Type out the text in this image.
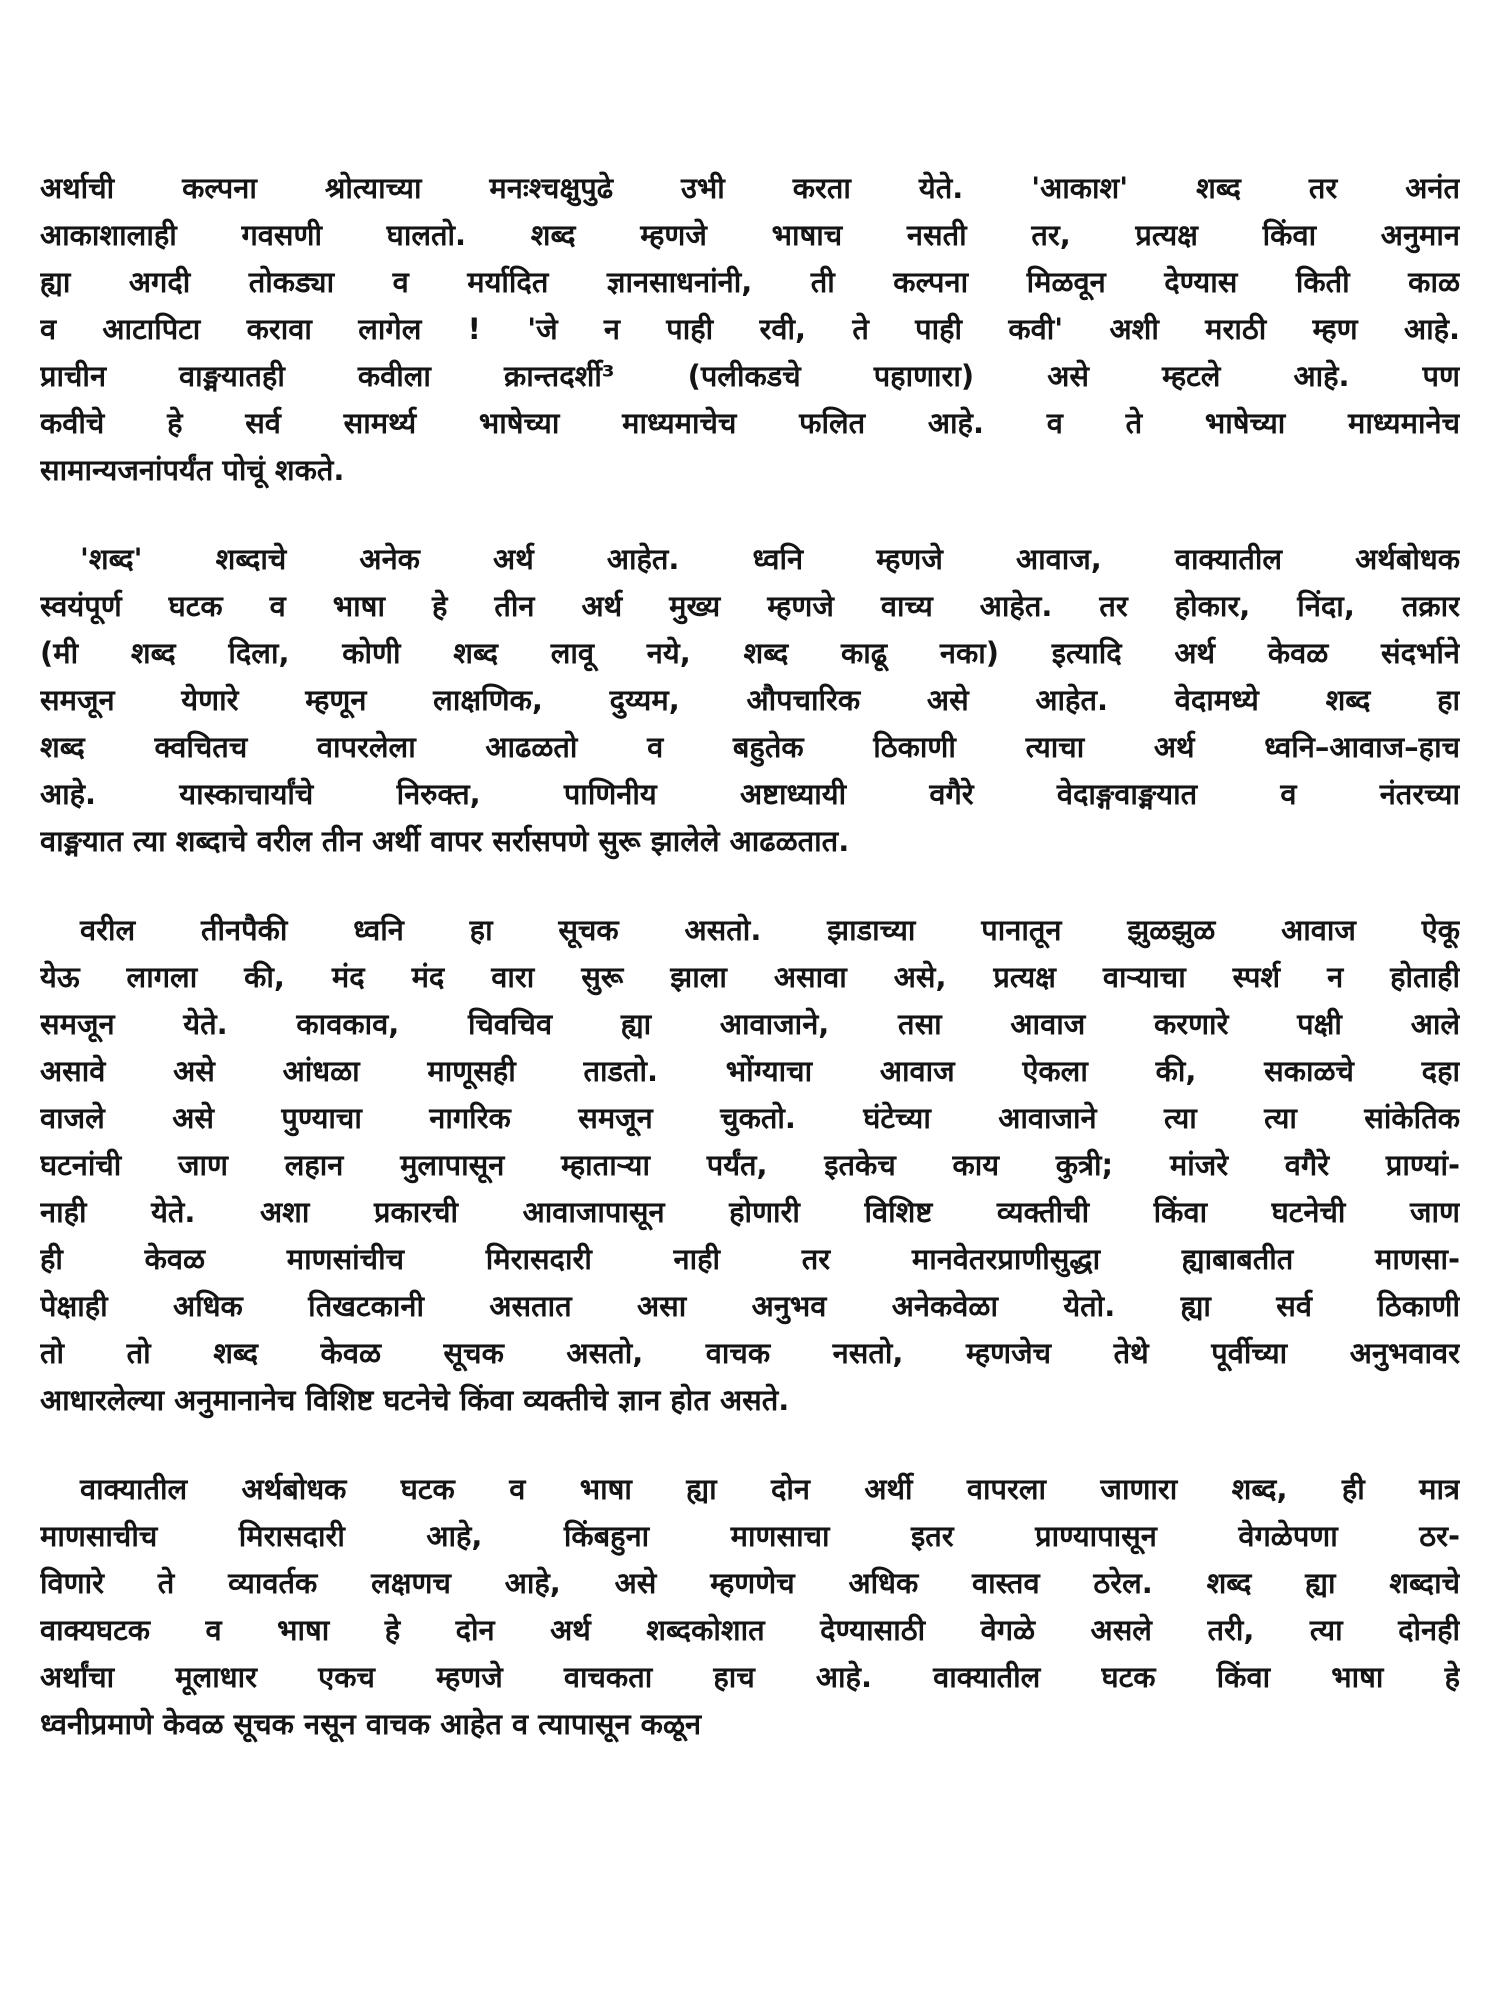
अर्थाची कल्पना श्रोत्याच्या मनःश्चक्षुपुढे उभी करता येते. 'आकाश' शब्द तर अनंत
आकाशालाही गवसणी घालतो. शब्द म्हणजे भाषाच नसती तर, प्रत्यक्ष किंवा अनुमान
ह्या अगदी तोकड्या व मर्यादित ज्ञानसाधनांनी, ती कल्पना मिळवून देण्यास किती काळ
व आटापिटा करावा लागेल ! 'जे न पाही रवी, ते पाही कवी' अशी मराठी म्हण आहे.
प्राचीन वाङ्मयातही कवीला क्रान्तदर्शी³ (पलीकडचे पहाणारा) असे म्हटले आहे. पण
कवीचे हे सर्व सामर्थ्य भाषेच्या माध्यमाचेच फलित आहे. व ते भाषेच्या माध्यमानेच
सामान्यजनांपर्यंत पोचूं शकते.
'शब्द' शब्दाचे अनेक अर्थ आहेत. ध्वनि म्हणजे आवाज, वाक्यातील अर्थबोधक
स्वयंपूर्ण घटक व भाषा हे तीन अर्थ मुख्य म्हणजे वाच्य आहेत. तर होकार, निंदा, तक्रार
(मी शब्द दिला, कोणी शब्द लावू नये, शब्द काढू नका) इत्यादि अर्थ केवळ संदर्भाने
समजून येणारे म्हणून लाक्षणिक, दुय्यम, औपचारिक असे आहेत. वेदामध्ये शब्द हा
शब्द क्वचितच वापरलेला आढळतो व बहुतेक ठिकाणी त्याचा अर्थ ध्वनि–आवाज–हाच
आहे. यास्काचार्यांचे निरुक्त, पाणिनीय अष्टाध्यायी वगैरे वेदाङ्गवाङ्मयात व नंतरच्या
वाङ्मयात त्या शब्दाचे वरील तीन अर्थी वापर सर्रासपणे सुरू झालेले आढळतात.
वरील तीनपैकी ध्वनि हा सूचक असतो. झाडाच्या पानातून झुळझुळ आवाज ऐकू
येऊ लागला की, मंद मंद वारा सुरू झाला असावा असे, प्रत्यक्ष वाऱ्याचा स्पर्श न होताही
समजून येते. कावकाव, चिवचिव ह्या आवाजाने, तसा आवाज करणारे पक्षी आले
असावे असे आंधळा माणूसही ताडतो. भोंग्याचा आवाज ऐकला की, सकाळचे दहा
वाजले असे पुण्याचा नागरिक समजून चुकतो. घंटेच्या आवाजाने त्या त्या सांकेतिक
घटनांची जाण लहान मुलापासून म्हाताऱ्या पर्यंत, इतकेच काय कुत्री; मांजरे वगैरे प्राण्यां-
नाही येते. अशा प्रकारची आवाजापासून होणारी विशिष्ट व्यक्तीची किंवा घटनेची जाण
ही केवळ माणसांचीच मिरासदारी नाही तर मानवेतरप्राणीसुद्धा ह्याबाबतीत माणसा-
पेक्षाही अधिक तिखटकानी असतात असा अनुभव अनेकवेळा येतो. ह्या सर्व ठिकाणी
तो तो शब्द केवळ सूचक असतो, वाचक नसतो, म्हणजेच तेथे पूर्वीच्या अनुभवावर
आधारलेल्या अनुमानानेच विशिष्ट घटनेचे किंवा व्यक्तीचे ज्ञान होत असते.
वाक्यातील अर्थबोधक घटक व भाषा ह्या दोन अर्थी वापरला जाणारा शब्द, ही मात्र
माणसाचीच मिरासदारी आहे, किंबहुना माणसाचा इतर प्राण्यापासून वेगळेपणा ठर-
विणारे ते व्यावर्तक लक्षणच आहे, असे म्हणणेच अधिक वास्तव ठरेल. शब्द ह्या शब्दाचे
वाक्यघटक व भाषा हे दोन अर्थ शब्दकोशात देण्यासाठी वेगळे असले तरी, त्या दोनही
अर्थांचा मूलाधार एकच म्हणजे वाचकता हाच आहे. वाक्यातील घटक किंवा भाषा हे
ध्वनीप्रमाणे केवळ सूचक नसून वाचक आहेत व त्यापासून कळून
